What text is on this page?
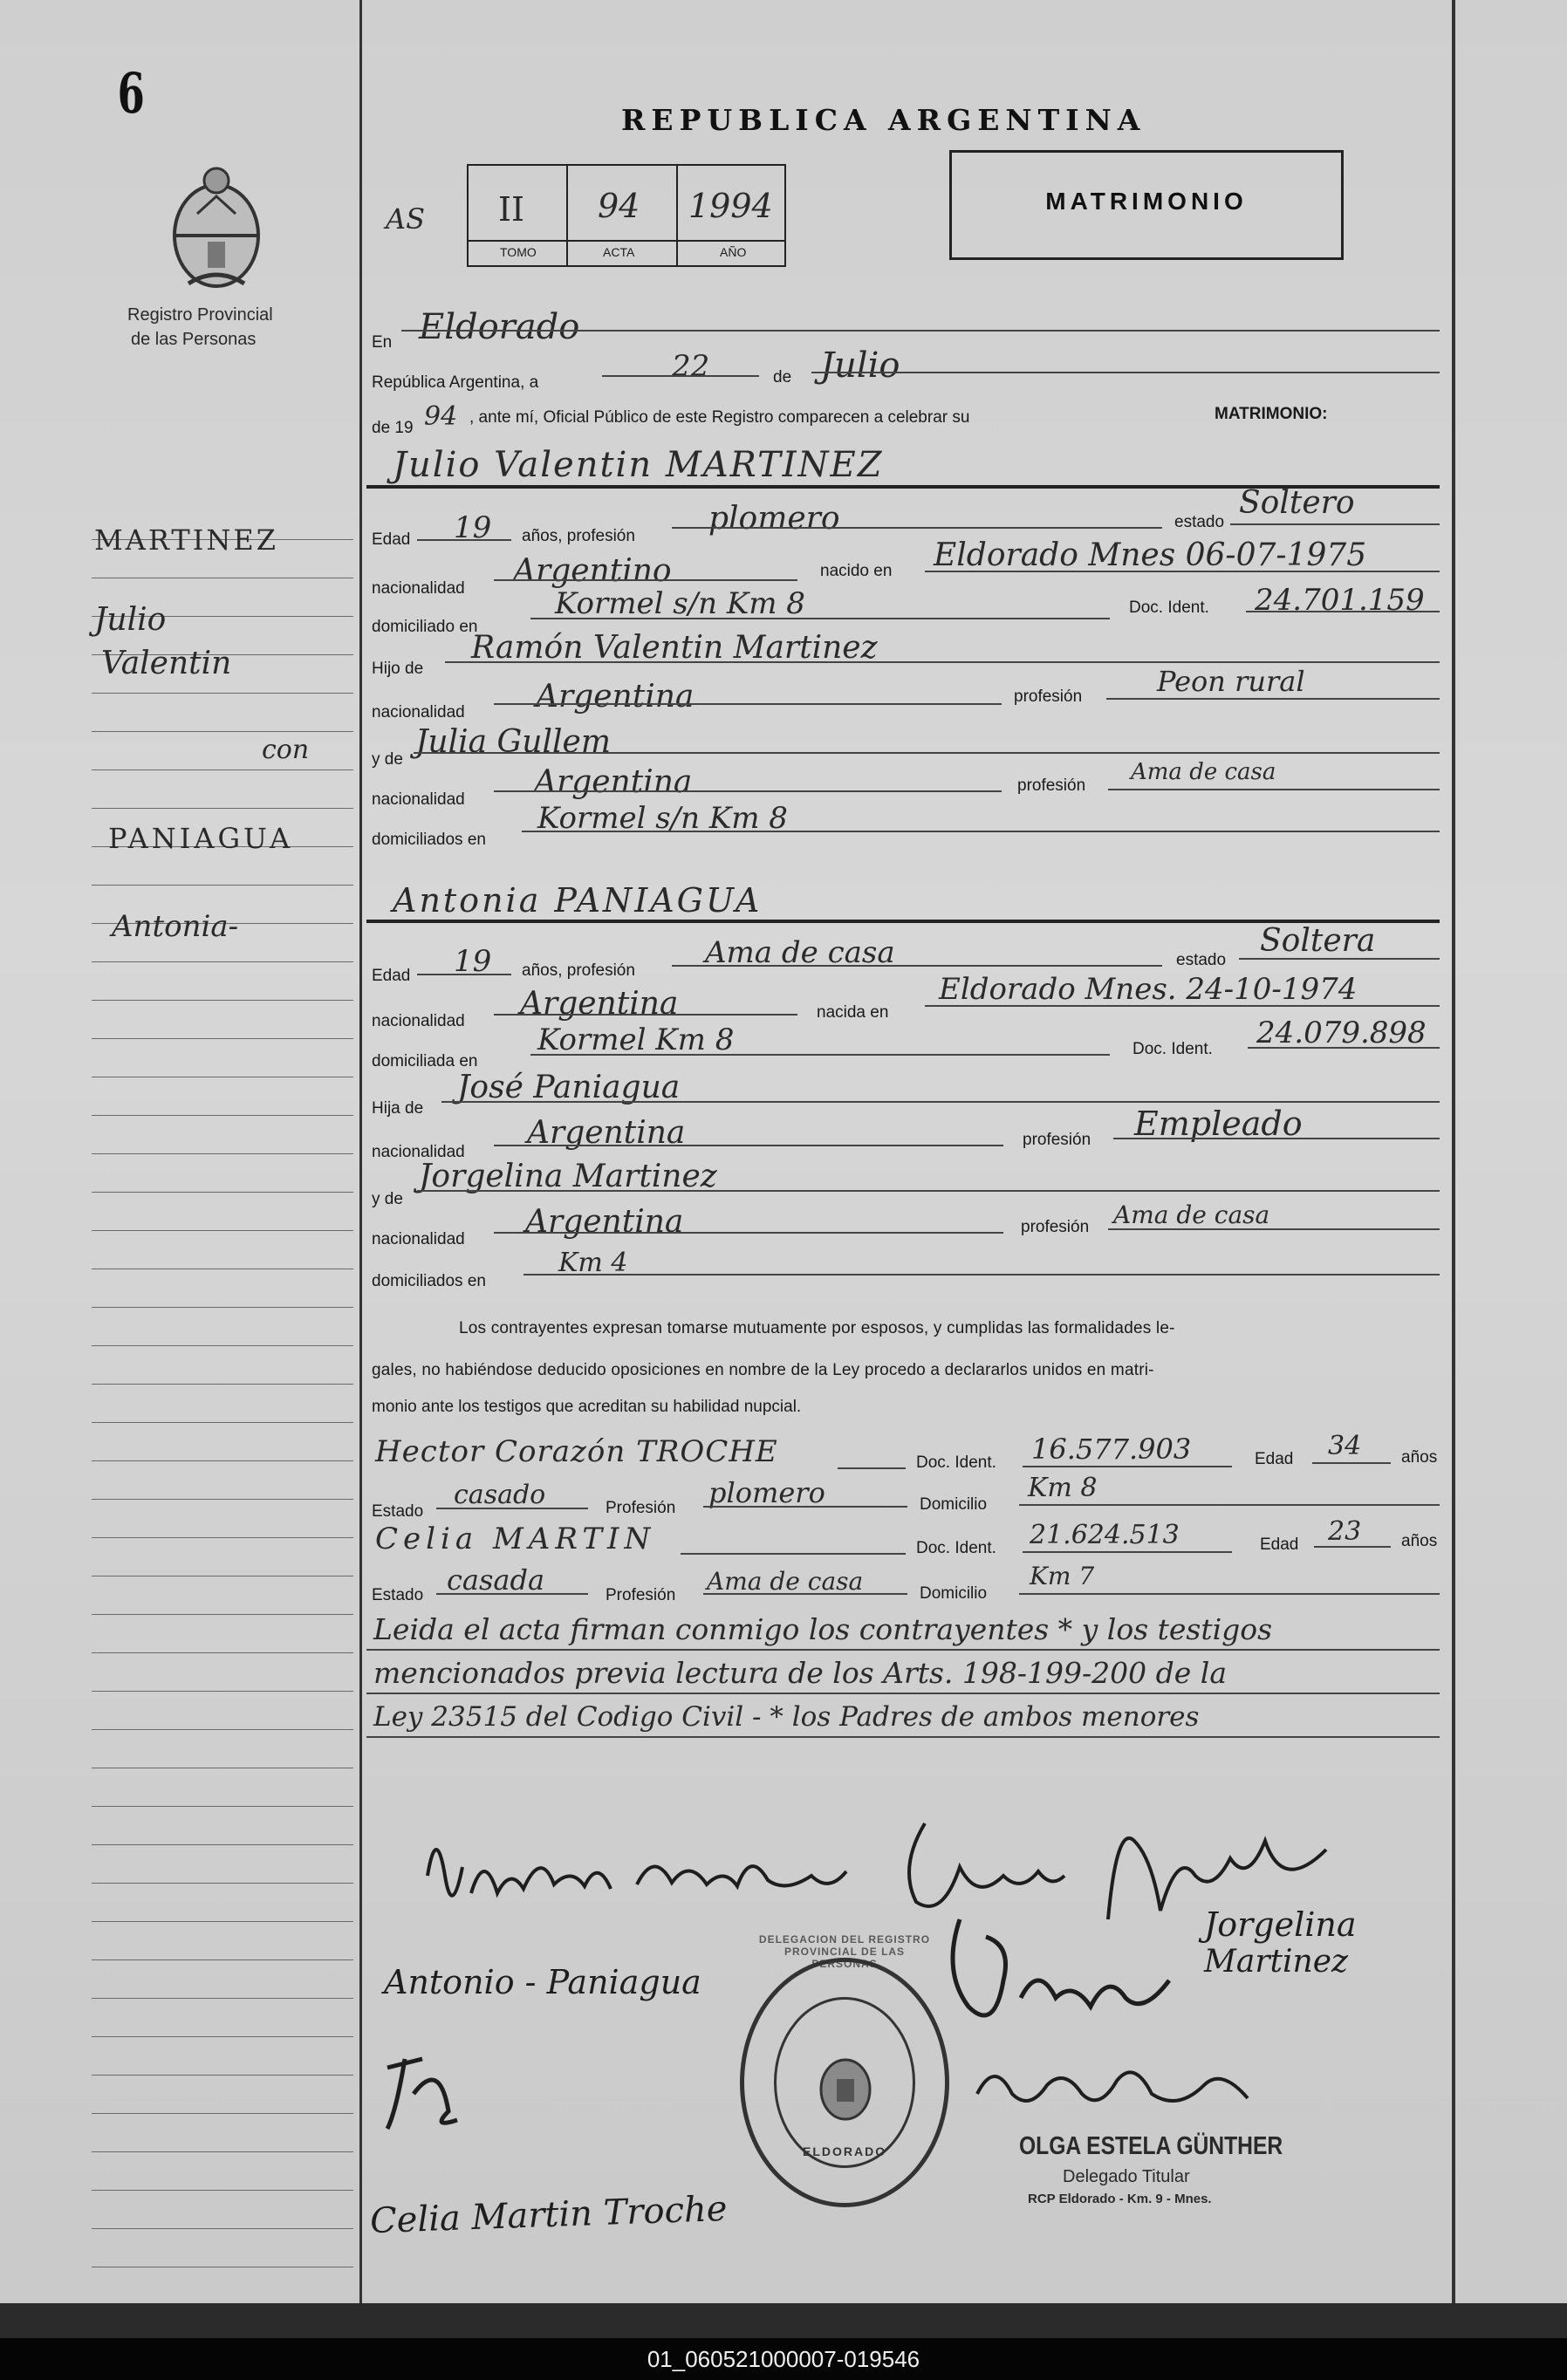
6
Registro Provincial
de las Personas
REPUBLICA ARGENTINA
AS II 94 1994
TOMO	ACTA	AÑO
MATRIMONIO
MARTINEZ
Julio
Valentin
con
PANIAGUA
Antonia-
En Eldorado
República Argentina, a	22	de Julio
de 19 94 , ante mí, Oficial Público de este Registro comparecen a celebrar su	MATRIMONIO:
Julio Valentin MARTINEZ
Edad 19 años, profesión plomero	estado
Soltero
nacionalidad Argentino	nacido en Eldorado Mnes 06-07-1975
domiciliado en
Kormel s/n Km 8	Doc. Ident. 24.701.159
Hijo de
Ramón Valentin Martinez
nacionalidad Argentina	profesión	Peon rural
y de Julia Gullem
nacionalidad Argentina	profesión
Ama de casa
domiciliados en
Kormel s/n Km 8
Antonia PANIAGUA
Edad 19 años, profesión
Ama de casa	estado
Soltera
nacionalidad Argentina	nacida en
Eldorado Mnes. 24-10-1974
domiciliada en
Kormel Km 8	Doc. Ident. 24.079.898
Hija de
José Paniagua
nacionalidad
Argentina	profesión Empleado
y de
Jorgelina Martinez
nacionalidad Argentina	profesión Ama de casa
domiciliados en
Km 4
Los contrayentes expresan tomarse mutuamente por esposos, y cumplidas las formalidades le-
gales, no habiéndose deducido oposiciones en nombre de la Ley procedo a declararlos unidos en matri-
monio ante los testigos que acreditan su habilidad nupcial.
Hector Corazón TROCHE	Doc. Ident. 16.577.903	Edad 34 años
Estado
casado	Profesión plomero	Domicilio
Km 8
Celia MARTIN	Doc. Ident. 21.624.513	Edad 23 años
Estado casada	Profesión Ama de casa	Domicilio
Km 7
Leida el acta firman conmigo los contrayentes * y los testigos
mencionados previa lectura de los Arts. 198-199-200 de la
Ley 23515 del Codigo Civil - * los Padres de ambos menores
Jorgelina
Martinez
Antonio - Paniagua
Celia Martin Troche
DELEGACION DEL REGISTRO PROVINCIAL DE LAS PERSONAS
ELDORADO	OLGA ESTELA GÜNTHER
Delegado Titular
RCP Eldorado - Km. 9 - Mnes.
01_060521000007-019546
